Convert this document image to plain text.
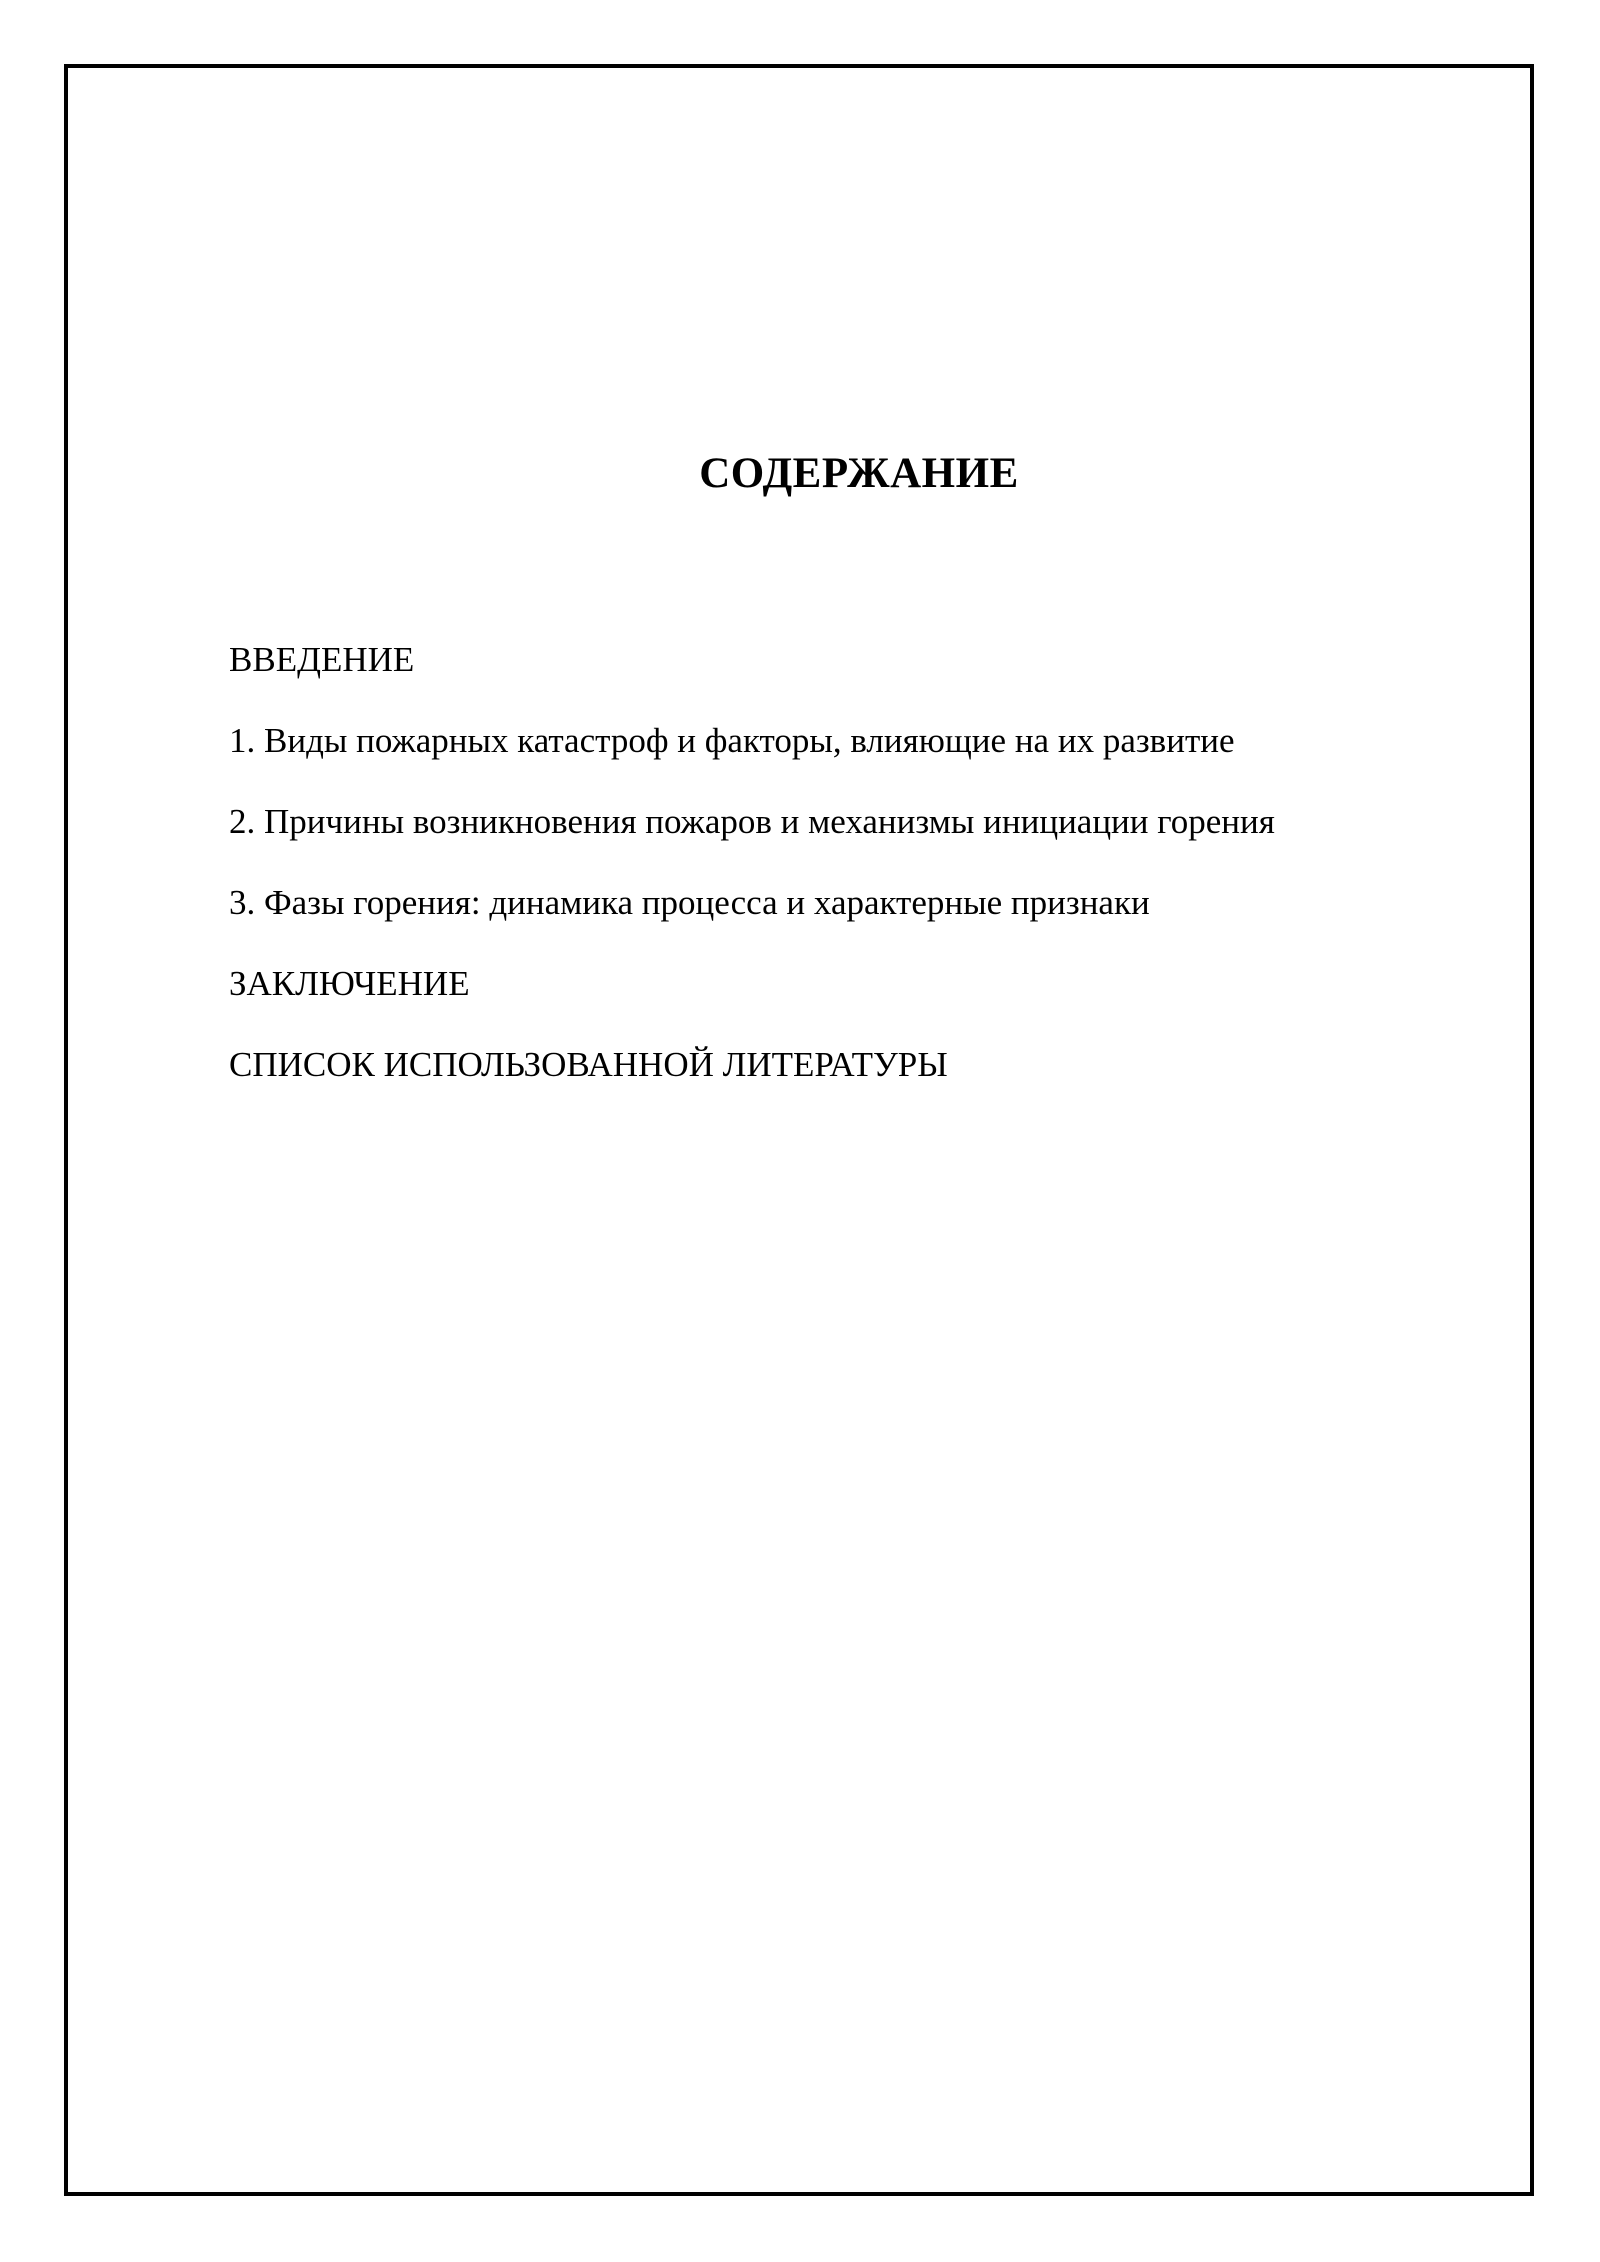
СОДЕРЖАНИЕ
ВВЕДЕНИЕ
1. Виды пожарных катастроф и факторы, влияющие на их развитие
2. Причины возникновения пожаров и механизмы инициации горения
3. Фазы горения: динамика процесса и характерные признаки
ЗАКЛЮЧЕНИЕ
СПИСОК ИСПОЛЬЗОВАННОЙ ЛИТЕРАТУРЫ
